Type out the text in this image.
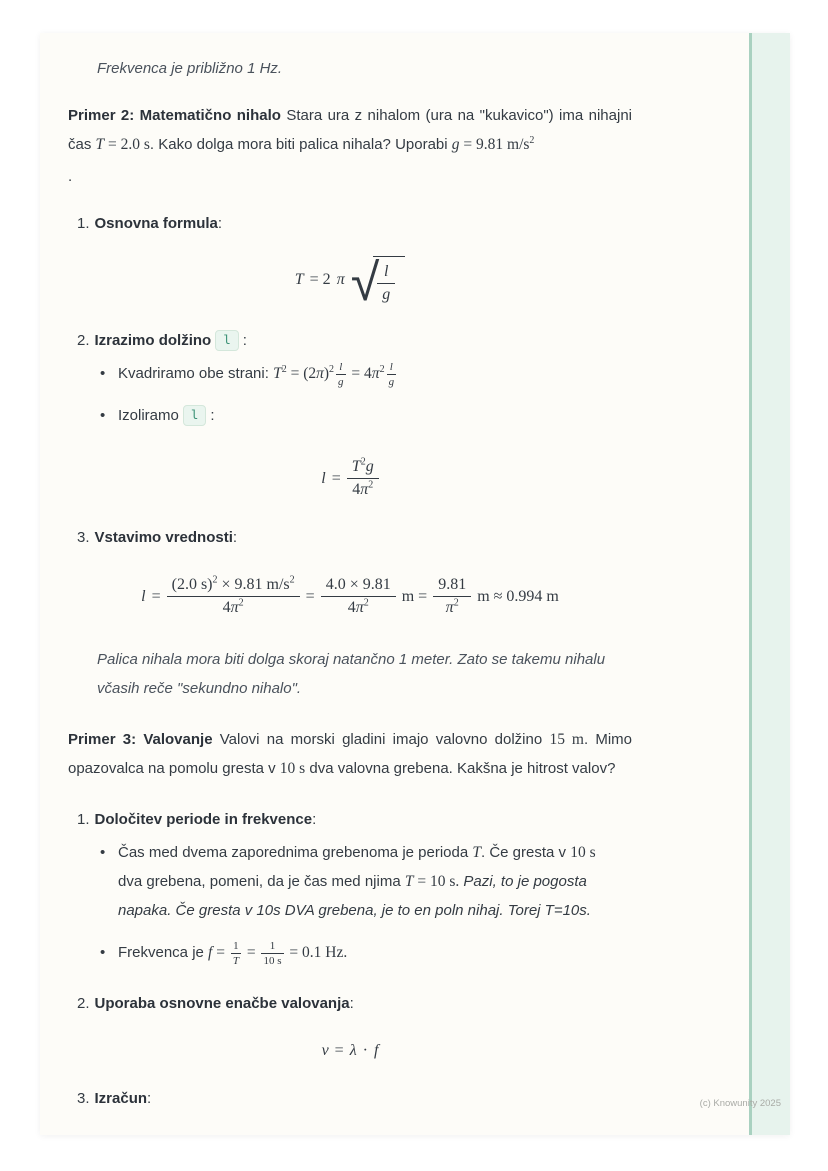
Frekvenca je približno 1 Hz.

Primer 2: Matematično nihalo Stara ura z nihalom (ura na "kukavico") ima nihajni čas T = 2.0 s. Kako dolga mora biti palica nihala? Uporabi g = 9.81 $m/s^2$

.

1. Osnovna formula:
T = 2 π √
$\frac{l}{g}$
2. Izrazimo dolžino l :
•
Kvadriramo obe strani: $T^2 = (2\pi)^2 \frac{l}{g} = 4\pi^2 \frac{l}{g}$
•
Izoliramo l :
$l = \frac{T^2g}{4\pi^2}$
3. Vstavimo vrednosti:
$l = \frac{(2.0 s)^2 \times 9.81 m/s^2}{4\pi^2} = \frac{4.0 \times 9.81}{4\pi^2}$ $m = \frac{9.81}{\pi^2}$ m ≈ 0.994 m

Palica nihala mora biti dolga skoraj natančno 1 meter. Zato se takemu nihalu včasih reče "sekundno nihalo".

Primer 3: Valovanje Valovi na morski gladini imajo valovno dolžino 15 m. Mimo opazovalca na pomolu gresta v 10 s dva valovna grebena. Kakšna je hitrost valov?

1. Določitev periode in frekvence:
•
Čas med dvema zaporednima grebenoma je perioda T. Če gresta v 10 s dva grebena, pomeni, da je čas med njima T = 10 s. Pazi, to je pogosta napaka. Če gresta v 10s DVA grebena, je to en poln nihaj. Torej T=10s.
•
Frekvenca je $f = \frac{1}{T} = \frac{1}{10 s} = 0.1$ Hz.
2. Uporaba osnovne enačbe valovanja:
v = λ · f
3. Izračun:	(c) Knowunity 2025
